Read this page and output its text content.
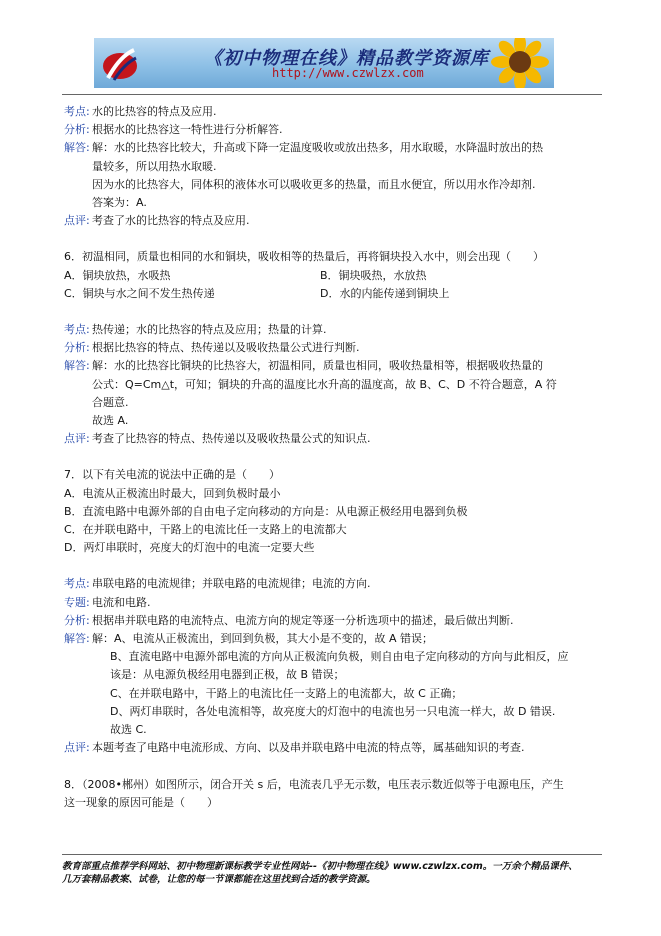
《初中物理在线》精品教学资源库
http://www.czwlzx.com
考点: 水的比热容的特点及应用.
分析: 根据水的比热容这一特性进行分析解答.
解答: 解：水的比热容比较大，升高或下降一定温度吸收或放出热多，用水取暖，水降温时放出的热
量较多，所以用热水取暖.
因为水的比热容大，同体积的液体水可以吸收更多的热量，而且水便宜，所以用水作冷却剂.
答案为：A.
点评: 考查了水的比热容的特点及应用.
6．初温相同，质量也相同的水和铜块，吸收相等的热量后，再将铜块投入水中，则会出现（　　）
A．铜块放热，水吸热	B．铜块吸热，水放热
C．铜块与水之间不发生热传递	D．水的内能传递到铜块上
考点: 热传递；水的比热容的特点及应用；热量的计算.
分析: 根据比热容的特点、热传递以及吸收热量公式进行判断.
解答: 解：水的比热容比铜块的比热容大，初温相同，质量也相同，吸收热量相等，根据吸收热量的
公式：Q=Cm△t，可知；铜块的升高的温度比水升高的温度高，故 B、C、D 不符合题意，A 符
合题意.
故选 A.
点评: 考查了比热容的特点、热传递以及吸收热量公式的知识点.
7．以下有关电流的说法中正确的是（　　）
A．电流从正极流出时最大，回到负极时最小
B．直流电路中电源外部的自由电子定向移动的方向是：从电源正极经用电器到负极
C．在并联电路中，干路上的电流比任一支路上的电流都大
D．两灯串联时，亮度大的灯泡中的电流一定要大些
考点: 串联电路的电流规律；并联电路的电流规律；电流的方向.
专题: 电流和电路.
分析: 根据串并联电路的电流特点、电流方向的规定等逐一分析选项中的描述，最后做出判断.
解答: 解：A、电流从正极流出，到回到负极，其大小是不变的，故 A 错误；
B、直流电路中电源外部电流的方向从正极流向负极，则自由电子定向移动的方向与此相反，应
该是：从电源负极经用电器到正极，故 B 错误；
C、在并联电路中，干路上的电流比任一支路上的电流都大，故 C 正确；
D、两灯串联时，各处电流相等，故亮度大的灯泡中的电流也另一只电流一样大，故 D 错误.
故选 C.
点评: 本题考查了电路中电流形成、方向、以及串并联电路中电流的特点等，属基础知识的考查.
8．（2008•郴州）如图所示，闭合开关 s 后，电流表几乎无示数，电压表示数近似等于电源电压，产生
这一现象的原因可能是（　　）
教育部重点推荐学科网站、初中物理新课标教学专业性网站--《初中物理在线》www.czwlzx.com。一万余个精品课件、
几万套精品教案、试卷，让您的每一节课都能在这里找到合适的教学资源。
